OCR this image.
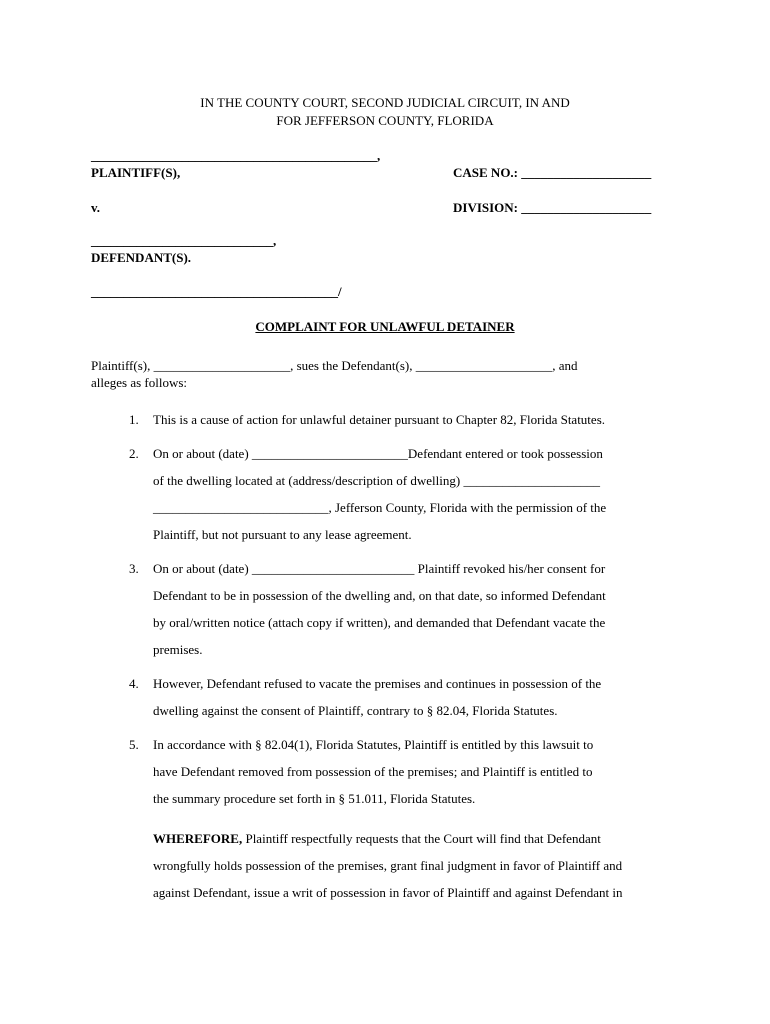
IN THE COUNTY COURT, SECOND JUDICIAL CIRCUIT, IN AND
FOR JEFFERSON COUNTY, FLORIDA
____________________________________________,
PLAINTIFF(S),	CASE NO.: ____________________
v.	DIVISION: ____________________
____________________________,
DEFENDANT(S).
______________________________________/
COMPLAINT FOR UNLAWFUL DETAINER
Plaintiff(s), _____________________, sues the Defendant(s), _____________________, and
alleges as follows:
1. This is a cause of action for unlawful detainer pursuant to Chapter 82, Florida Statutes.
2. On or about (date) ________________________Defendant entered or took possession
of the dwelling located at (address/description of dwelling) _____________________
___________________________, Jefferson County, Florida with the permission of the
Plaintiff, but not pursuant to any lease agreement.
3. On or about (date) _________________________ Plaintiff revoked his/her consent for
Defendant to be in possession of the dwelling and, on that date, so informed Defendant
by oral/written notice (attach copy if written), and demanded that Defendant vacate the
premises.
4. However, Defendant refused to vacate the premises and continues in possession of the
dwelling against the consent of Plaintiff, contrary to § 82.04, Florida Statutes.
5. In accordance with § 82.04(1), Florida Statutes, Plaintiff is entitled by this lawsuit to
have Defendant removed from possession of the premises; and Plaintiff is entitled to
the summary procedure set forth in § 51.011, Florida Statutes.
WHEREFORE, Plaintiff respectfully requests that the Court will find that Defendant
wrongfully holds possession of the premises, grant final judgment in favor of Plaintiff and
against Defendant, issue a writ of possession in favor of Plaintiff and against Defendant in
